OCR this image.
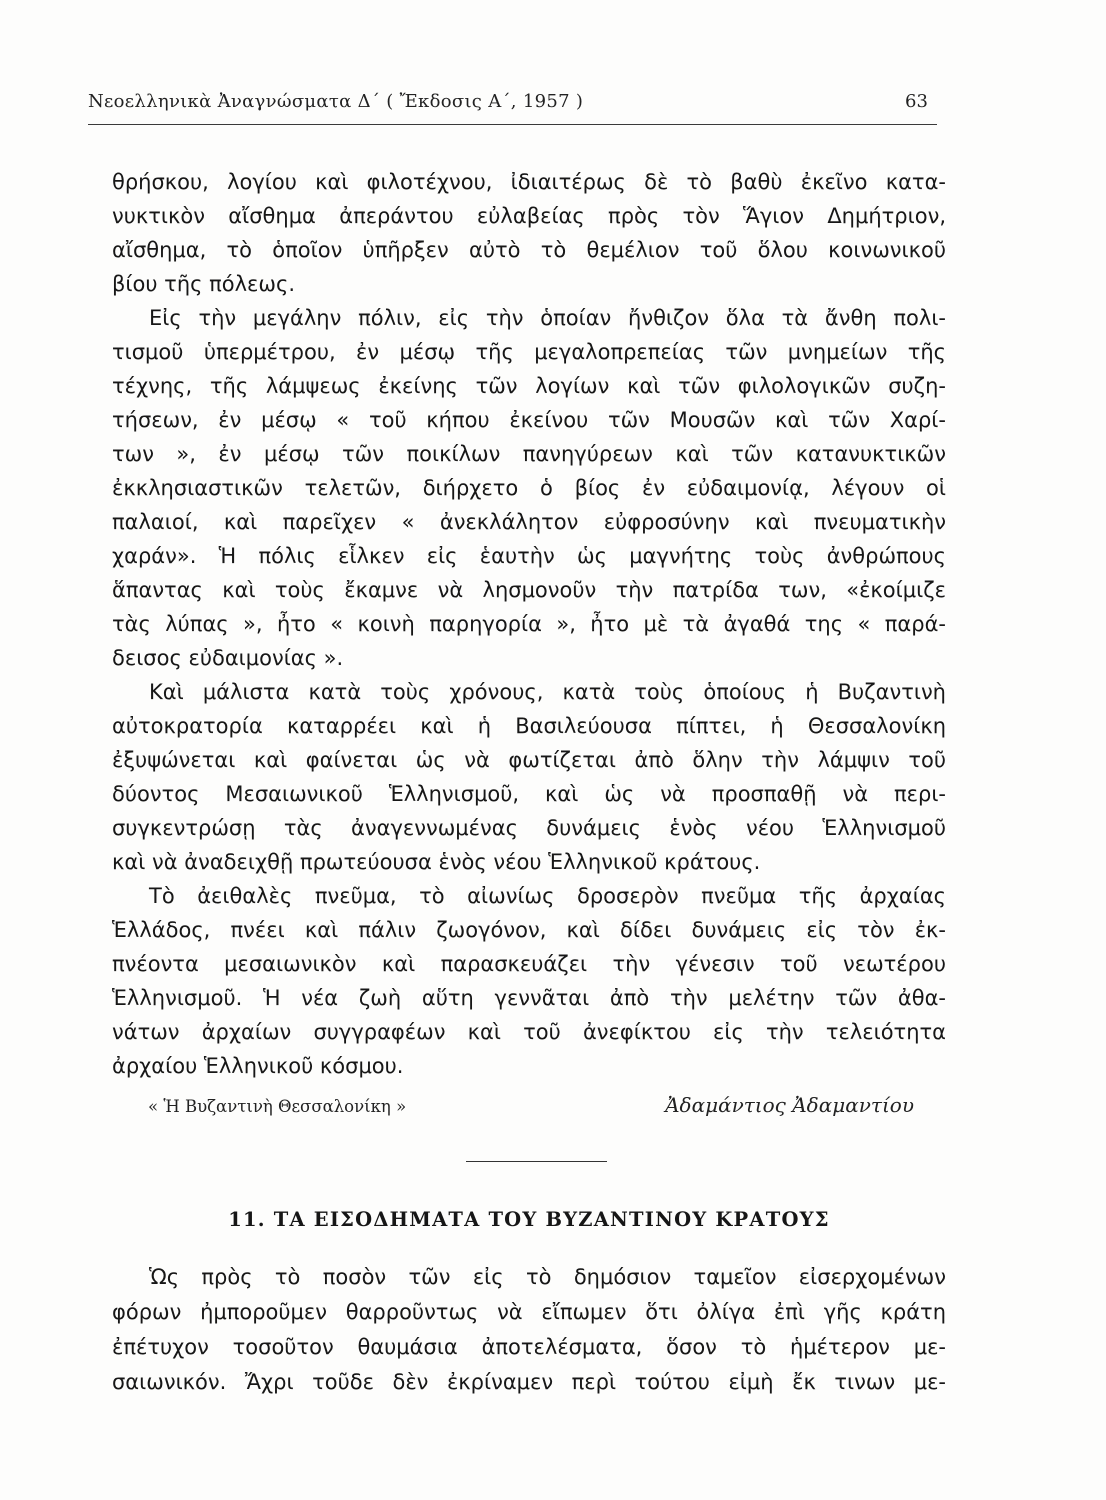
Νεοελληνικὰ Ἀναγνώσματα Δ΄ ( Ἔκδοσις Α΄, 1957 )	63
θρήσκου, λογίου καὶ φιλοτέχνου, ἰδιαιτέρως δὲ τὸ βαθὺ ἐκεῖνο κατα-
νυκτικὸν αἴσθημα ἀπεράντου εὐλαβείας πρὸς τὸν Ἅγιον Δημήτριον,
αἴσθημα, τὸ ὁποῖον ὑπῆρξεν αὐτὸ τὸ θεμέλιον τοῦ ὅλου κοινωνικοῦ
βίου τῆς πόλεως.
Εἰς τὴν μεγάλην πόλιν, εἰς τὴν ὁποίαν ἤνθιζον ὅλα τὰ ἄνθη πολι-
τισμοῦ ὑπερμέτρου, ἐν μέσῳ τῆς μεγαλοπρεπείας τῶν μνημείων τῆς
τέχνης, τῆς λάμψεως ἐκείνης τῶν λογίων καὶ τῶν φιλολογικῶν συζη-
τήσεων, ἐν μέσῳ « τοῦ κήπου ἐκείνου τῶν Μουσῶν καὶ τῶν Χαρί-
των », ἐν μέσῳ τῶν ποικίλων πανηγύρεων καὶ τῶν κατανυκτικῶν
ἐκκλησιαστικῶν τελετῶν, διήρχετο ὁ βίος ἐν εὐδαιμονίᾳ, λέγουν οἱ
παλαιοί, καὶ παρεῖχεν « ἀνεκλάλητον εὐφροσύνην καὶ πνευματικὴν
χαράν». Ἡ πόλις εἷλκεν εἰς ἑαυτὴν ὡς μαγνήτης τοὺς ἀνθρώπους
ἅπαντας καὶ τοὺς ἔκαμνε νὰ λησμονοῦν τὴν πατρίδα των, «ἐκοίμιζε
τὰς λύπας », ἦτο « κοινὴ παρηγορία », ἦτο μὲ τὰ ἀγαθά της « παρά-
δεισος εὐδαιμονίας ».
Καὶ μάλιστα κατὰ τοὺς χρόνους, κατὰ τοὺς ὁποίους ἡ Βυζαντινὴ
αὐτοκρατορία καταρρέει καὶ ἡ Βασιλεύουσα πίπτει, ἡ Θεσσαλονίκη
ἐξυψώνεται καὶ φαίνεται ὡς νὰ φωτίζεται ἀπὸ ὅλην τὴν λάμψιν τοῦ
δύοντος Μεσαιωνικοῦ Ἑλληνισμοῦ, καὶ ὡς νὰ προσπαθῇ νὰ περι-
συγκεντρώσῃ τὰς ἀναγεννωμένας δυνάμεις ἑνὸς νέου Ἑλληνισμοῦ
καὶ νὰ ἀναδειχθῇ πρωτεύουσα ἑνὸς νέου Ἑλληνικοῦ κράτους.
Τὸ ἀειθαλὲς πνεῦμα, τὸ αἰωνίως δροσερὸν πνεῦμα τῆς ἀρχαίας
Ἑλλάδος, πνέει καὶ πάλιν ζωογόνον, καὶ δίδει δυνάμεις εἰς τὸν ἐκ-
πνέοντα μεσαιωνικὸν καὶ παρασκευάζει τὴν γένεσιν τοῦ νεωτέρου
Ἑλληνισμοῦ. Ἡ νέα ζωὴ αὕτη γεννᾶται ἀπὸ τὴν μελέτην τῶν ἀθα-
νάτων ἀρχαίων συγγραφέων καὶ τοῦ ἀνεφίκτου εἰς τὴν τελειότητα
ἀρχαίου Ἑλληνικοῦ κόσμου.
« Ἡ Βυζαντινὴ Θεσσαλονίκη »	Ἀδαμάντιος Ἀδαμαντίου
11. ΤΑ ΕΙΣΟΔΗΜΑΤΑ ΤΟΥ ΒΥΖΑΝΤΙΝΟΥ ΚΡΑΤΟΥΣ
Ὡς πρὸς τὸ ποσὸν τῶν εἰς τὸ δημόσιον ταμεῖον εἰσερχομένων
φόρων ἠμποροῦμεν θαρροῦντως νὰ εἴπωμεν ὅτι ὀλίγα ἐπὶ γῆς κράτη
ἐπέτυχον τοσοῦτον θαυμάσια ἀποτελέσματα, ὅσον τὸ ἡμέτερον με-
σαιωνικόν. Ἄχρι τοῦδε δὲν ἐκρίναμεν περὶ τούτου εἰμὴ ἔκ τινων με-
